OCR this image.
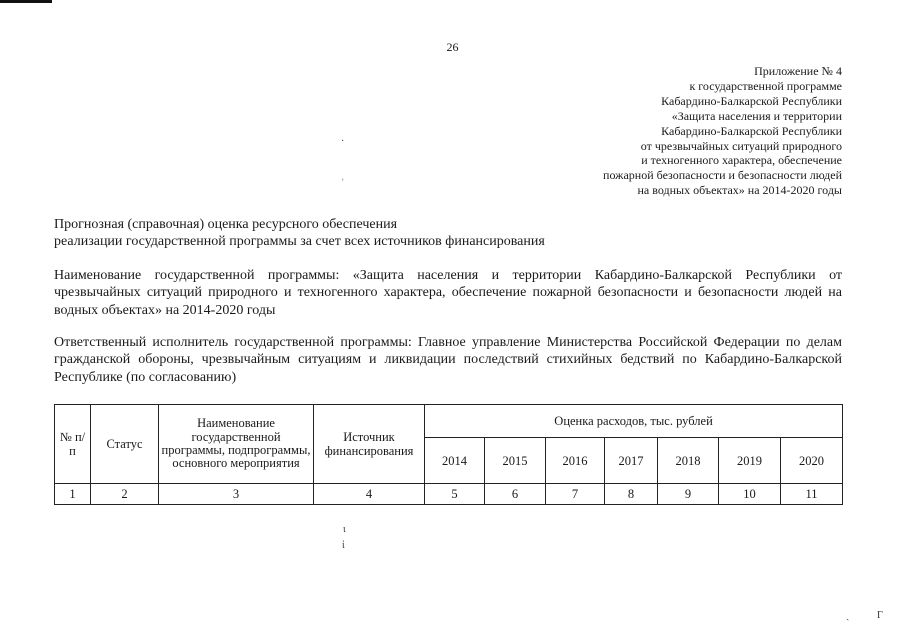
26
Приложение № 4
к государственной программе
Кабардино-Балкарской Республики
«Защита населения и территории
Кабардино-Балкарской Республики
от чрезвычайных ситуаций природного
и техногенного характера, обеспечение
пожарной безопасности и безопасности людей
на водных объектах» на 2014-2020 годы
·
ʾ
Прогнозная (справочная) оценка ресурсного обеспечения
реализации государственной программы за счет всех источников финансирования
Наименование государственной программы: «Защита населения и территории Кабардино-Балкарской Республики от чрезвычайных ситуаций природного и техногенного характера, обеспечение пожарной безопасности и безопасности людей на водных объектах» на 2014-2020 годы
Ответственный исполнитель государственной программы: Главное управление Министерства Российской Федерации по делам гражданской обороны, чрезвычайным ситуациям и ликвидации последствий стихийных бедствий по Кабардино-Балкарской Республике (по согласованию)
№ п/п	Статус	Наименование государственной программы, подпрограммы, основного мероприятия	Источник финансирования	Оценка расходов, тыс. рублей						
				2014	2015	2016	2017	2018	2019	2020
1	2	3	4	5	6	7	8	9	10	11
ι
ἰ
ˎ	Γ
